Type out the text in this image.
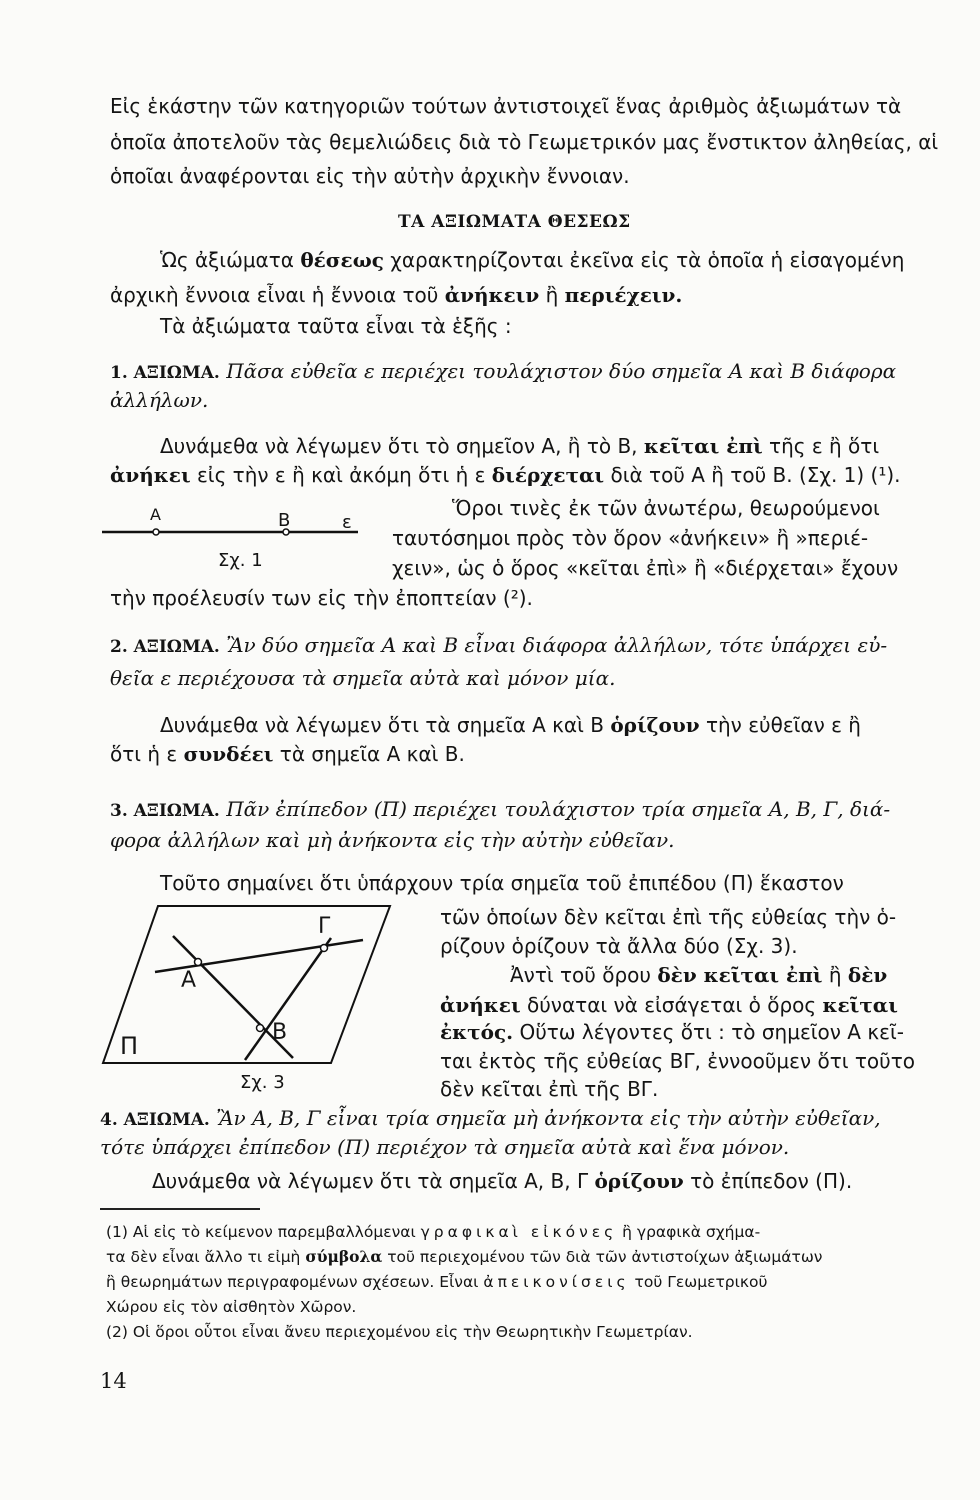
Εἰς ἑκάστην τῶν κατηγοριῶν τούτων ἀντιστοιχεῖ ἕνας ἀριθμὸς ἀξιωμάτων τὰ
ὁποῖα ἀποτελοῦν τὰς θεμελιώδεις διὰ τὸ Γεωμετρικόν μας ἔνστικτον ἀληθείας, αἱ
ὁποῖαι ἀναφέρονται εἰς τὴν αὐτὴν ἀρχικὴν ἔννοιαν.
ΤΑ ΑΞΙΩΜΑΤΑ ΘΕΣΕΩΣ
Ὡς ἀξιώματα θέσεως χαρακτηρίζονται ἐκεῖνα εἰς τὰ ὁποῖα ἡ εἰσαγομένη
ἀρχικὴ ἔννοια εἶναι ἡ ἔννοια τοῦ ἀνήκειν ἢ περιέχειν.
Τὰ ἀξιώματα ταῦτα εἶναι τὰ ἑξῆς :
1. ΑΞΙΩΜΑ. Πᾶσα εὐθεῖα ε περιέχει τουλάχιστον δύο σημεῖα Α καὶ Β διάφορα
ἀλλήλων.
Δυνάμεθα νὰ λέγωμεν ὅτι τὸ σημεῖον Α, ἢ τὸ Β, κεῖται ἐπὶ τῆς ε ἢ ὅτι
ἀνήκει εἰς τὴν ε ἢ καὶ ἀκόμη ὅτι ἡ ε διέρχεται διὰ τοῦ Α ἢ τοῦ Β. (Σχ. 1) (¹).
Ὅροι τινὲς ἐκ τῶν ἀνωτέρω, θεωρούμενοι
ταυτόσημοι πρὸς τὸν ὅρον «ἀνήκειν» ἢ »περιέ-
χειν», ὡς ὁ ὅρος «κεῖται ἐπὶ» ἢ «διέρχεται» ἔχουν
τὴν προέλευσίν των εἰς τὴν ἐποπτείαν (²).
Α	Β	ε
Σχ. 1
2. ΑΞΙΩΜΑ. Ἂν δύο σημεῖα Α καὶ Β εἶναι διάφορα ἀλλήλων, τότε ὑπάρχει εὐ-
θεῖα ε περιέχουσα τὰ σημεῖα αὐτὰ καὶ μόνον μία.
Δυνάμεθα νὰ λέγωμεν ὅτι τὰ σημεῖα Α καὶ Β ὁρίζουν τὴν εὐθεῖαν ε ἢ
ὅτι ἡ ε συνδέει τὰ σημεῖα Α καὶ Β.
3. ΑΞΙΩΜΑ. Πᾶν ἐπίπεδον (Π) περιέχει τουλάχιστον τρία σημεῖα Α, Β, Γ, διά-
φορα ἀλλήλων καὶ μὴ ἀνήκοντα εἰς τὴν αὐτὴν εὐθεῖαν.
Τοῦτο σημαίνει ὅτι ὑπάρχουν τρία σημεῖα τοῦ ἐπιπέδου (Π) ἕκαστον
τῶν ὁποίων δὲν κεῖται ἐπὶ τῆς εὐθείας τὴν ὁ-
ρίζουν ὁρίζουν τὰ ἄλλα δύο (Σχ. 3).
Ἀντὶ τοῦ ὅρου δὲν κεῖται ἐπὶ ἢ δὲν
ἀνήκει δύναται νὰ εἰσάγεται ὁ ὅρος κεῖται
ἐκτός. Οὕτω λέγοντες ὅτι : τὸ σημεῖον Α κεῖ-
ται ἐκτὸς τῆς εὐθείας ΒΓ, ἐννοοῦμεν ὅτι τοῦτο
δὲν κεῖται ἐπὶ τῆς ΒΓ.
Γ
Α
Β
Π
Σχ. 3
4. ΑΞΙΩΜΑ. Ἂν Α, Β, Γ εἶναι τρία σημεῖα μὴ ἀνήκοντα εἰς τὴν αὐτὴν εὐθεῖαν,
τότε ὑπάρχει ἐπίπεδον (Π) περιέχον τὰ σημεῖα αὐτὰ καὶ ἕνα μόνον.
Δυνάμεθα νὰ λέγωμεν ὅτι τὰ σημεῖα Α, Β, Γ ὁρίζουν τὸ ἐπίπεδον (Π).
(1) Αἱ εἰς τὸ κείμενον παρεμβαλλόμεναι γραφικαὶ εἰκόνες ἢ γραφικὰ σχήμα-
τα δὲν εἶναι ἄλλο τι εἰμὴ σύμβολα τοῦ περιεχομένου τῶν διὰ τῶν ἀντιστοίχων ἀξιωμάτων
ἢ θεωρημάτων περιγραφομένων σχέσεων. Εἶναι ἀπεικονίσεις τοῦ Γεωμετρικοῦ
Χώρου εἰς τὸν αἰσθητὸν Χῶρον.
(2) Οἱ ὅροι οὗτοι εἶναι ἄνευ περιεχομένου εἰς τὴν Θεωρητικὴν Γεωμετρίαν.
14
